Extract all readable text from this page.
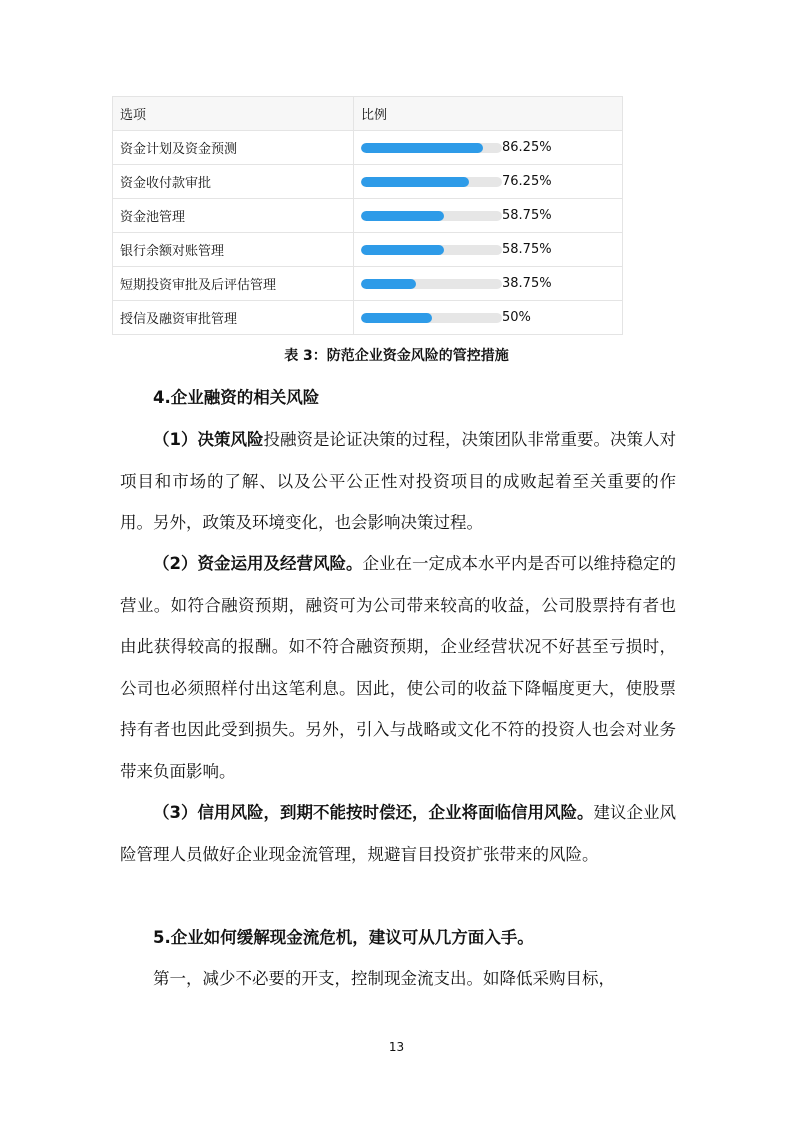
选项	比例
资金计划及资金预测	86.25%

资金收付款审批	76.25%

资金池管理	58.75%

银行余额对账管理	58.75%

短期投资审批及后评估管理	38.75%

授信及融资审批管理	50%
表 3：防范企业资金风险的管控措施

4.企业融资的相关风险

（1）决策风险投融资是论证决策的过程，决策团队非常重要。决策人对项目和市场的了解、以及公平公正性对投资项目的成败起着至关重要的作用。另外，政策及环境变化，也会影响决策过程。

（2）资金运用及经营风险。企业在一定成本水平内是否可以维持稳定的营业。如符合融资预期，融资可为公司带来较高的收益，公司股票持有者也由此获得较高的报酬。如不符合融资预期，企业经营状况不好甚至亏损时，公司也必须照样付出这笔利息。因此，使公司的收益下降幅度更大，使股票持有者也因此受到损失。另外，引入与战略或文化不符的投资人也会对业务带来负面影响。

（3）信用风险，到期不能按时偿还，企业将面临信用风险。建议企业风险管理人员做好企业现金流管理，规避盲目投资扩张带来的风险。

5.企业如何缓解现金流危机，建议可从几方面入手。

第一，减少不必要的开支，控制现金流支出。如降低采购目标，

13
